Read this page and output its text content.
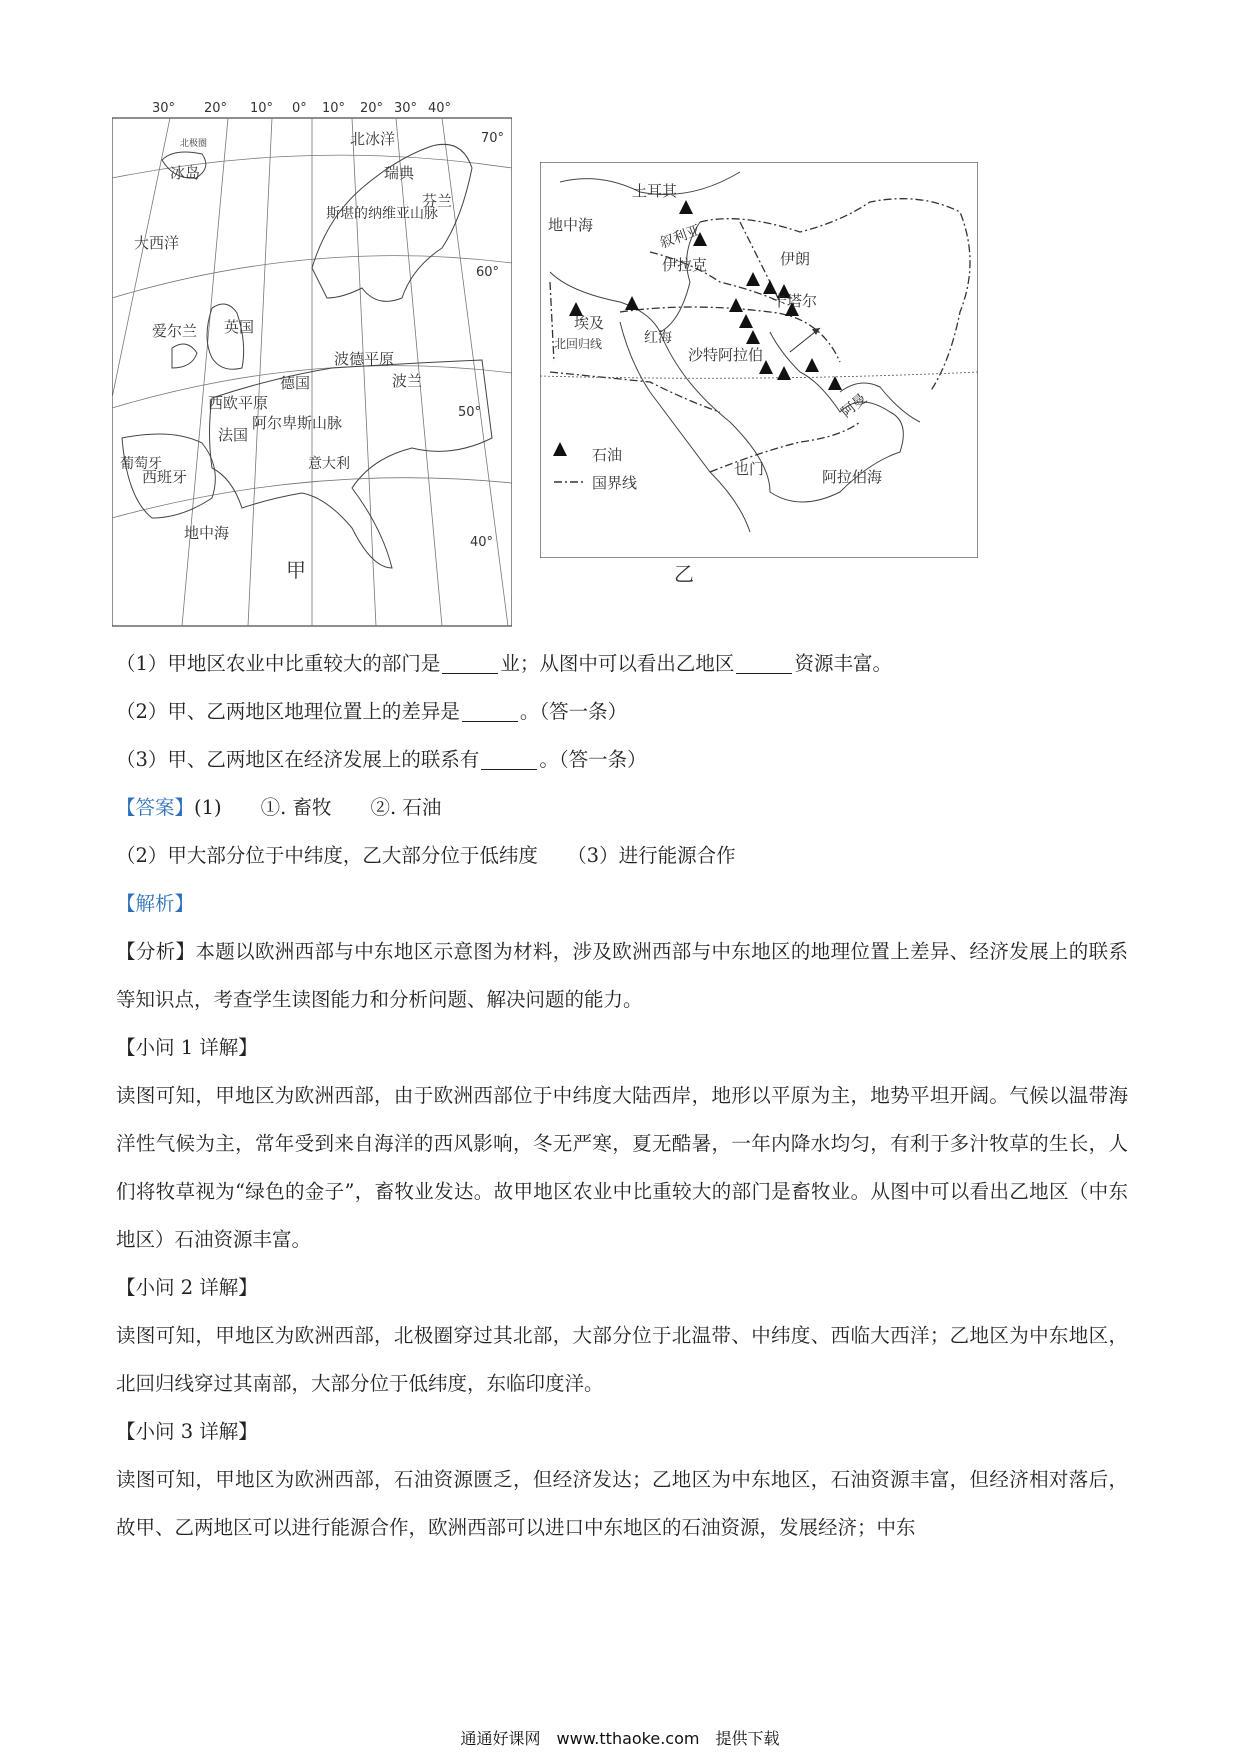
30° 20° 10° 0° 10° 20° 30° 40°
70°
60°
50°
40°
北极圈	北冰洋
冰岛
大西洋
爱尔兰 英国
斯堪的纳维亚山脉
瑞典
芬兰
德国
波德平原
波兰
西欧平原
法国
阿尔卑斯山脉
葡萄牙
西班牙
意大利
地中海
甲
土耳其
地中海	叙利亚
伊拉克	伊朗
卡塔尔
埃及
北回归线	红海
沙特阿拉伯
阿曼
也门	阿拉伯海
石油
国界线
乙
（1）甲地区农业中比重较大的部门是	业；从图中可以看出乙地区	资源丰富。
（2）甲、乙两地区地理位置上的差异是	。（答一条）
（3）甲、乙两地区在经济发展上的联系有	。（答一条）
【答案】(1)　　①. 畜牧　　②. 石油
（2）甲大部分位于中纬度，乙大部分位于低纬度　　（3）进行能源合作
【解析】
【分析】本题以欧洲西部与中东地区示意图为材料，涉及欧洲西部与中东地区的地理位置上差异、经济发展上的联系等知识点，考查学生读图能力和分析问题、解决问题的能力。
【小问 1 详解】
读图可知，甲地区为欧洲西部，由于欧洲西部位于中纬度大陆西岸，地形以平原为主，地势平坦开阔。气候以温带海洋性气候为主，常年受到来自海洋的西风影响，冬无严寒，夏无酷暑，一年内降水均匀，有利于多汁牧草的生长，人们将牧草视为“绿色的金子”，畜牧业发达。故甲地区农业中比重较大的部门是畜牧业。从图中可以看出乙地区（中东地区）石油资源丰富。
【小问 2 详解】
读图可知，甲地区为欧洲西部，北极圈穿过其北部，大部分位于北温带、中纬度、西临大西洋；乙地区为中东地区，北回归线穿过其南部，大部分位于低纬度，东临印度洋。
【小问 3 详解】
读图可知，甲地区为欧洲西部，石油资源匮乏，但经济发达；乙地区为中东地区，石油资源丰富，但经济相对落后，故甲、乙两地区可以进行能源合作，欧洲西部可以进口中东地区的石油资源，发展经济；中东
通通好课网　www.tthaoke.com　提供下载
